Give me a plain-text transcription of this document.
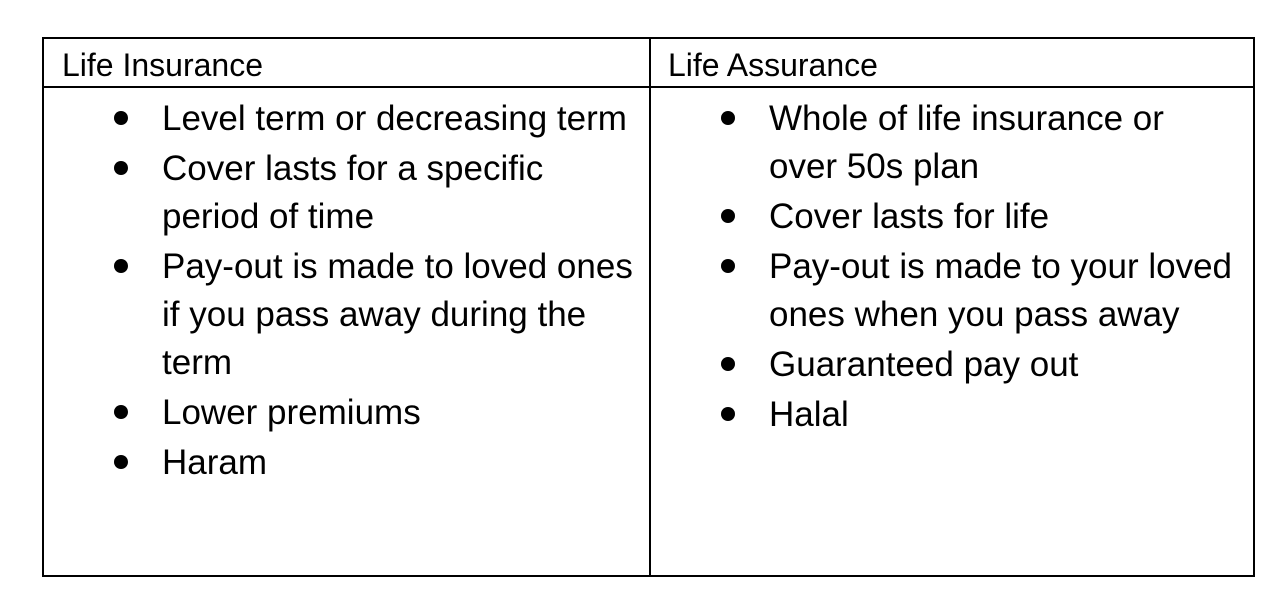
Life Insurance	Life Assurance
Level term or decreasing term
Cover lasts for a specific period of time
Pay-out is made to loved ones if you pass away during the term
Lower premiums
Haram
Whole of life insurance or over 50s plan
Cover lasts for life
Pay-out is made to your loved ones when you pass away
Guaranteed pay out
Halal
